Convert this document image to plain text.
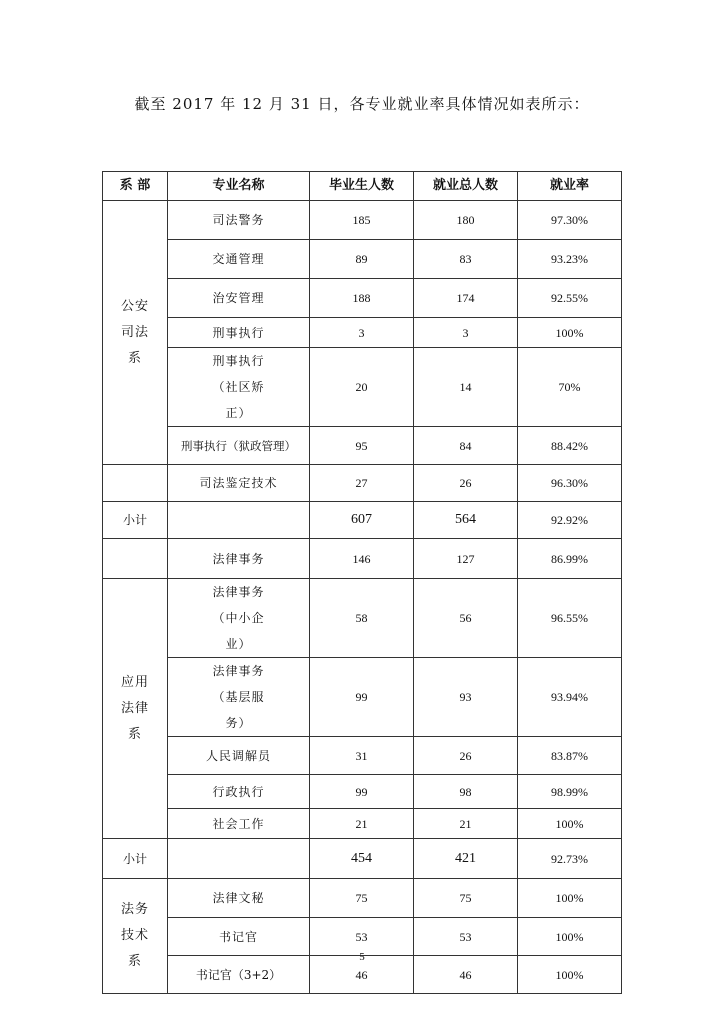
截至 2017 年 12 月 31 日，各专业就业率具体情况如表所示：
系 部	专业名称	毕业生人数	就业总人数	就业率
公安司法系	司法警务	185	180	97.30%
	交通管理	89	83	93.23%
	治安管理	188	174	92.55%
	刑事执行	3	3	100%
	刑事执行（社区矫正）	20	14	70%
	刑事执行（狱政管理）	95	84	88.42%
	司法鉴定技术	27	26	96.30%
小计		607	564	92.92%
	法律事务	146	127	86.99%
应用法律系	法律事务（中小企业）	58	56	96.55%
	法律事务（基层服务）	99	93	93.94%
	人民调解员	31	26	83.87%
	行政执行	99	98	98.99%
	社会工作	21	21	100%
小计		454	421	92.73%
法务技术系	法律文秘	75	75	100%
	书记官	53	53	100%
	书记官（3+2）	46	46	100%
5
